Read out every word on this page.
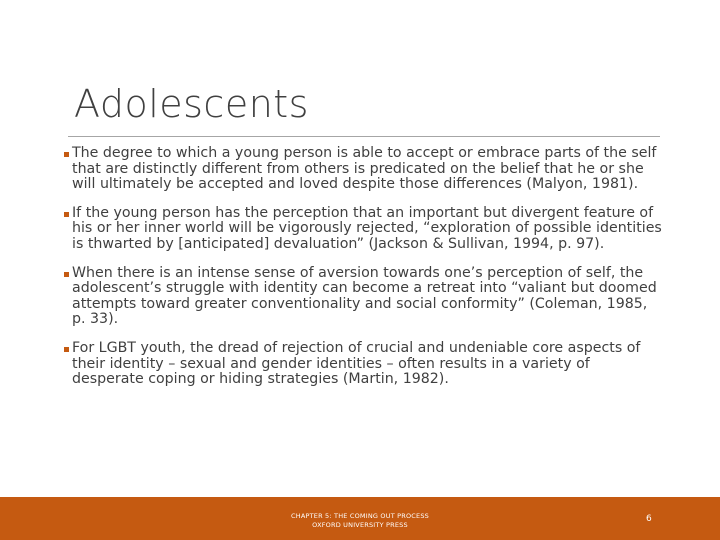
Adolescents
The degree to which a young person is able to accept or embrace parts of the self that are distinctly different from others is predicated on the belief that he or she will ultimately be accepted and loved despite those differences (Malyon, 1981).
If the young person has the perception that an important but divergent feature of his or her inner world will be vigorously rejected, “exploration of possible identities is thwarted by [anticipated] devaluation” (Jackson & Sullivan, 1994, p. 97).
When there is an intense sense of aversion towards one’s perception of self, the adolescent’s struggle with identity can become a retreat into “valiant but doomed attempts toward greater conventionality and social conformity” (Coleman, 1985, p. 33).
For LGBT youth, the dread of rejection of crucial and undeniable core aspects of their identity – sexual and gender identities – often results in a variety of desperate coping or hiding strategies (Martin, 1982).
CHAPTER 5: THE COMING OUT PROCESS
OXFORD UNIVERSITY PRESS
6
